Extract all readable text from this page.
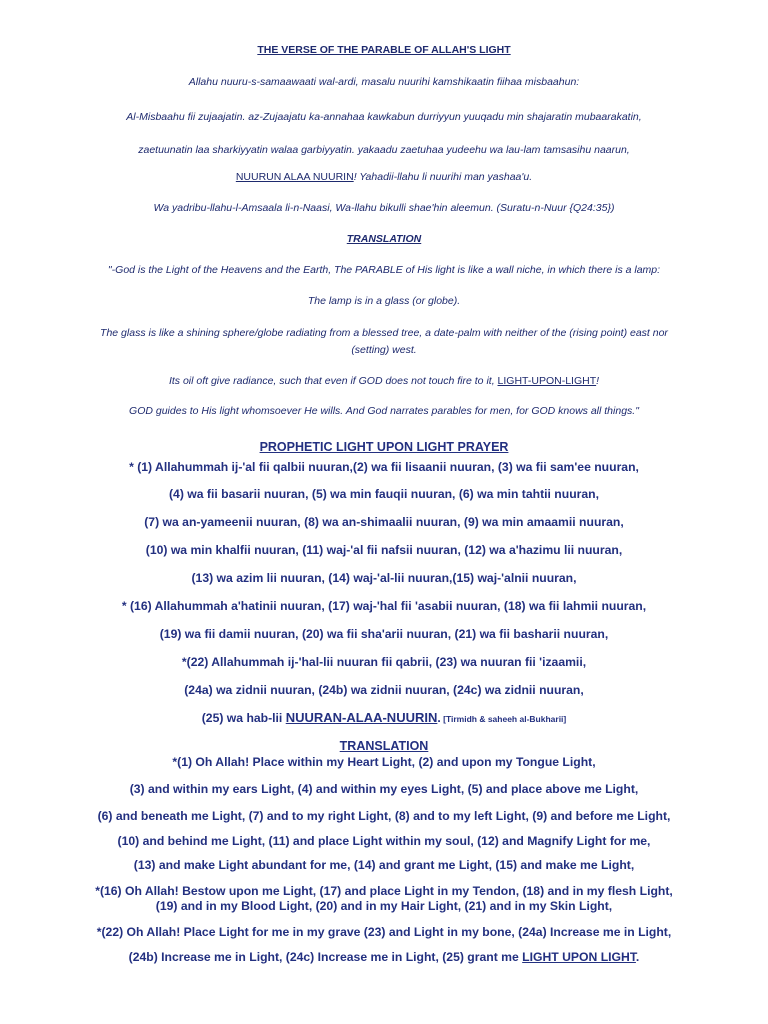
THE VERSE OF THE PARABLE OF ALLAH'S LIGHT
Allahu nuuru-s-samaawaati wal-ardi, masalu nuurihi kamshikaatin fiihaa misbaahun:
Al-Misbaahu fii zujaajatin. az-Zujaajatu ka-annahaa kawkabun durriyyun yuuqadu min shajaratin mubaarakatin,
zaetuunatin laa sharkiyyatin walaa garbiyyatin. yakaadu zaetuhaa yudeehu wa lau-lam tamsasihu naarun,
NUURUN ALAA NUURIN! Yahadii-llahu li nuurihi man yashaa'u.
Wa yadribu-llahu-l-Amsaala li-n-Naasi, Wa-llahu bikulli shae'hin aleemun. (Suratu-n-Nuur {Q24:35})
TRANSLATION
"-God is the Light of the Heavens and the Earth, The PARABLE of His light is like a wall niche, in which there is a lamp:
The lamp is in a glass (or globe).
The glass is like a shining sphere/globe radiating from a blessed tree, a date-palm with neither of the (rising point) east nor
(setting) west.
Its oil oft give radiance, such that even if GOD does not touch fire to it, LIGHT-UPON-LIGHT!
GOD guides to His light whomsoever He wills. And God narrates parables for men, for GOD knows all things."
PROPHETIC LIGHT UPON LIGHT PRAYER
* (1) Allahummah ij-'al fii qalbii nuuran,(2) wa fii lisaanii nuuran, (3) wa fii sam'ee nuuran,
(4) wa fii basarii nuuran, (5) wa min fauqii nuuran, (6) wa min tahtii nuuran,
(7) wa an-yameenii nuuran, (8) wa an-shimaalii nuuran, (9) wa min amaamii nuuran,
(10) wa min khalfii nuuran, (11) waj-'al fii nafsii nuuran, (12) wa a'hazimu lii nuuran,
(13) wa azim lii nuuran, (14) waj-'al-lii nuuran,(15) waj-'alnii nuuran,
* (16) Allahummah a'hatinii nuuran, (17) waj-'hal fii 'asabii nuuran, (18) wa fii lahmii nuuran,
(19) wa fii damii nuuran, (20) wa fii sha'arii nuuran, (21) wa fii basharii nuuran,
*(22) Allahummah ij-'hal-lii nuuran fii qabrii, (23) wa nuuran fii 'izaamii,
(24a) wa zidnii nuuran, (24b) wa zidnii nuuran, (24c) wa zidnii nuuran,
(25) wa hab-lii NUURAN-ALAA-NUURIN. [Tirmidh & saheeh al-Bukharii]
TRANSLATION
*(1) Oh Allah! Place within my Heart Light, (2) and upon my Tongue Light,
(3) and within my ears Light, (4) and within my eyes Light, (5) and place above me Light,
(6) and beneath me Light, (7) and to my right Light, (8) and to my left Light, (9) and before me Light,
(10) and behind me Light, (11) and place Light within my soul, (12) and Magnify Light for me,
(13) and make Light abundant for me, (14) and grant me Light, (15) and make me Light,
*(16) Oh Allah! Bestow upon me Light, (17) and place Light in my Tendon, (18) and in my flesh Light,
(19) and in my Blood Light, (20) and in my Hair Light, (21) and in my Skin Light,
*(22) Oh Allah! Place Light for me in my grave (23) and Light in my bone, (24a) Increase me in Light,
(24b) Increase me in Light, (24c) Increase me in Light, (25) grant me LIGHT UPON LIGHT.
